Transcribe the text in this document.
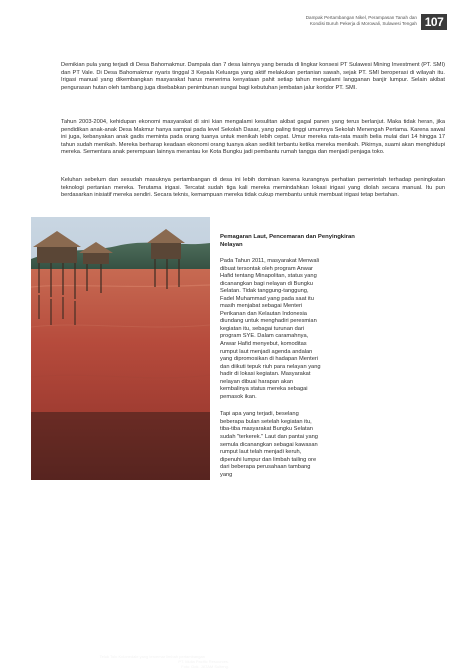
Dampak Pertambangan Nikel, Perampasan Tanah dan
Kondisi Buruh Pekerja di Morowali, Sulawesi Tengah 107

Demikian pula yang terjadi di Desa Bahomakmur. Dampala dan 7 desa lainnya yang berada di lingkar konsesi PT Sulawesi Mining Investment (PT. SMI) dan PT Vale. Di Desa Bahomakmur nyaris tinggal 3 Kepala Keluarga yang aktif melakukan pertanian sawah, sejak PT. SMI beroperasi di wilayah itu. Irigasi manual yang dikembangkan masyarakat harus menerima kenyataan pahit setiap tahun mengalami langganan banjir lumpur. Selain akibat pengurasan hutan oleh tambang juga disebabkan penimbunan sungai bagi kebutuhan jembatan jalur koridor PT. SMI.

Tahun 2003-2004, kehidupan ekonomi masyarakat di sini kian mengalami kesulitan akibat gagal panen yang terus berlanjut. Maka tidak heran, jika pendidikan anak-anak Desa Makmur hanya sampai pada level Sekolah Dasar, yang paling tinggi umumnya Sekolah Menengah Pertama. Karena sawal ini juga, kebanyakan anak gadis meminta pada orang tuanya untuk menikah lebih cepat. Umur mereka rata-rata masih belia mulai dari 14 hingga 17 tahun sudah menikah. Mereka berharap keadaan ekonomi orang tuanya akan sedikit terbantu ketika mereka menikah. Pikirnya, suami akan menghidupi mereka. Sementara anak perempuan lainnya merantau ke Kota Bungku jadi pembantu rumah tangga dan menjadi penjaga toko.

Keluhan sebelum dan sesudah masuknya pertambangan di desa ini lebih dominan karena kurangnya perhatian pemerintah terhadap peningkatan teknologi pertanian mereka. Terutama irigasi. Tercatat sudah tiga kali mereka memindahkan lokasi irigasi yang diolah secara manual. Itu pun berdasarkan inisiatif mereka sendiri. Secara teknis, kemampuan mereka tidak cukup membantu untuk membuat irigasi tetap bertahan.

Gambar 9. Teluk Tolo Kolonedale yang tercemar limbah pertambangan
PT. Mulia Pacific Resources.
Foto: Dok. JATAM Sulteng.
Pemagaran Laut, Pencemaran dan Penyingkiran
Nelayan

Pada Tahun 2011, masyarakat Menwali dibuat tersontak oleh program Anwar Hafid tentang Minapolitan, status yang dicanangkan bagi nelayan di Bungku Selatan. Tidak tanggung-tanggung, Fadel Muhammad yang pada saat itu masih menjabat sebagai Menteri Perikanan dan Kelautan Indonesia diundang untuk menghadiri peresmian kegiatan itu, sebagai turunan dari program SYE. Dalam caramahnya, Anwar Hafid menyebut, komoditas rumput laut menjadi agenda andalan yang dipromosikan di hadapan Menteri dan diikuti tepuk riuh para nelayan yang hadir di lokasi kegiatan. Masyarakat nelayan dibuai harapan akan kembalinya status mereka sebagai pemasok ikan.

Tapi apa yang terjadi, beselang beberapa bulan setelah kegiatan itu, tiba-tiba masyarakat Bungku Selatan sudah "terkerek." Laut dan pantai yang semula dicanangkan sebagai kawasan rumput laut telah menjadi keruh, dipenuhi lumpur dan limbah tailing ore dari beberapa perusahaan tambang yang
